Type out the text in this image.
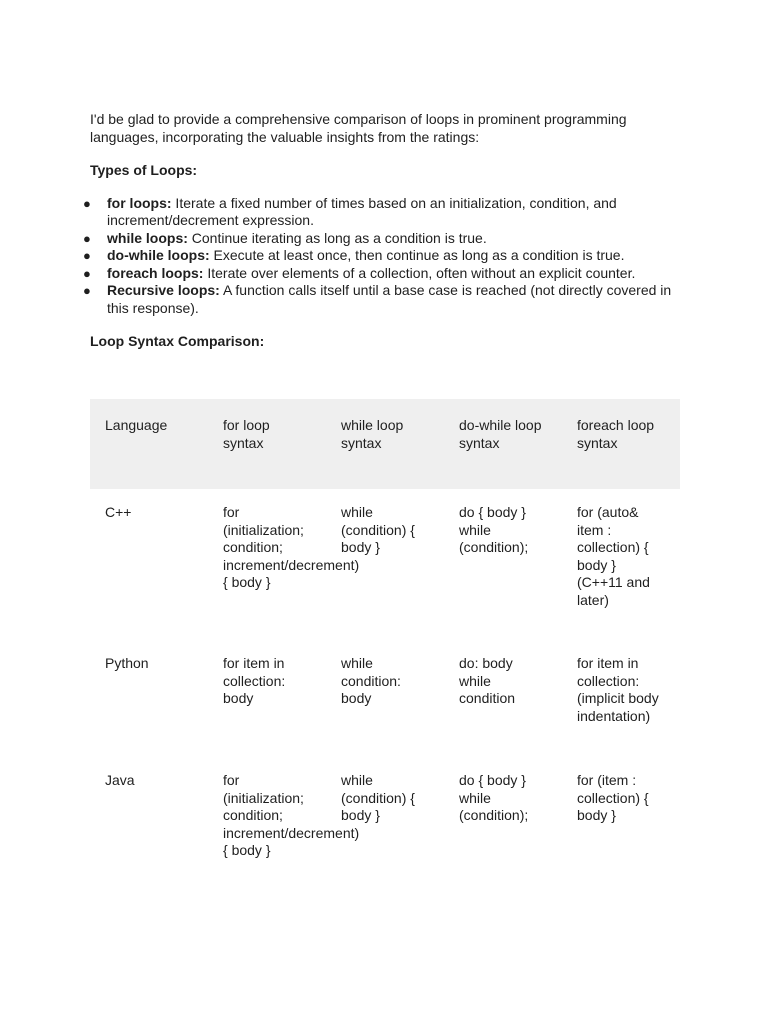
I'd be glad to provide a comprehensive comparison of loops in prominent programming languages, incorporating the valuable insights from the ratings:

Types of Loops:

● for loops: Iterate a fixed number of times based on an initialization, condition, and increment/decrement expression.
● while loops: Continue iterating as long as a condition is true.
● do-while loops: Execute at least once, then continue as long as a condition is true.
● foreach loops: Iterate over elements of a collection, often without an explicit counter.
● Recursive loops: A function calls itself until a base case is reached (not directly covered in this response).

Loop Syntax Comparison:

Language	for loop syntax	while loop syntax	do-while loop syntax	foreach loop syntax
C++	for (initialization; condition; increment/decrement) { body }	while (condition) { body }	do { body } while (condition);	for (auto& item : collection) { body } (C++11 and later)
Python	for item in collection: body	while condition: body	do: body while condition	for item in collection: (implicit body indentation)
Java	for (initialization; condition; increment/decrement) { body }	while (condition) { body }	do { body } while (condition);	for (item : collection) { body }
